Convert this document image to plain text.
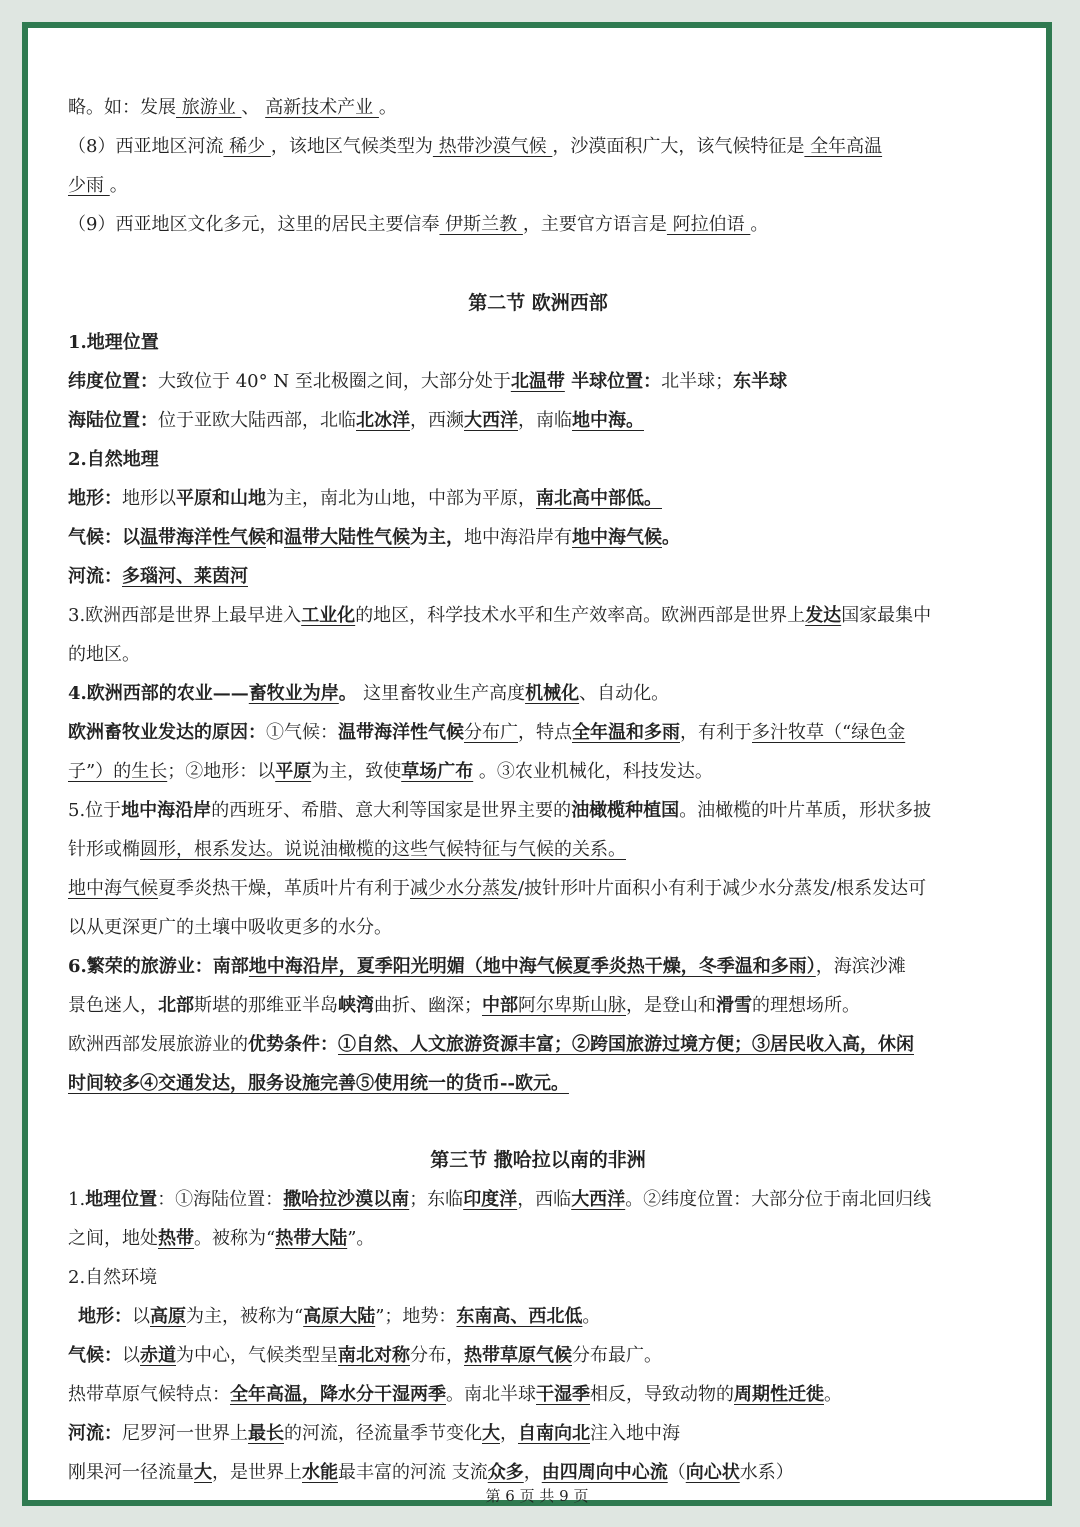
略。如：发展 旅游业 、 高新技术产业 。

（8）西亚地区河流 稀少 ，该地区气候类型为 热带沙漠气候 ，沙漠面积广大，该气候特征是 全年高温

少雨 。

（9）西亚地区文化多元，这里的居民主要信奉 伊斯兰教 ，主要官方语言是 阿拉伯语 。

第二节 欧洲西部

1.地理位置

纬度位置：大致位于 40° N 至北极圈之间，大部分处于北温带 半球位置：北半球；东半球

海陆位置：位于亚欧大陆西部，北临北冰洋，西濒大西洋，南临地中海。

2.自然地理

地形：地形以平原和山地为主，南北为山地，中部为平原，南北高中部低。

气候：以温带海洋性气候和温带大陆性气候为主，地中海沿岸有地中海气候。

河流：多瑙河、莱茵河

3.欧洲西部是世界上最早进入工业化的地区，科学技术水平和生产效率高。欧洲西部是世界上发达国家最集中

的地区。

4.欧洲西部的农业——畜牧业为岸。 这里畜牧业生产高度机械化、自动化。

欧洲畜牧业发达的原因：①气候：温带海洋性气候分布广，特点全年温和多雨，有利于多汁牧草（“绿色金

子”）的生长；②地形：以平原为主，致使草场广布 。③农业机械化，科技发达。

5.位于地中海沿岸的西班牙、希腊、意大利等国家是世界主要的油橄榄种植国。油橄榄的叶片革质，形状多披

针形或椭圆形，根系发达。说说油橄榄的这些气候特征与气候的关系。

地中海气候夏季炎热干燥，革质叶片有利于减少水分蒸发/披针形叶片面积小有利于减少水分蒸发/根系发达可

以从更深更广的土壤中吸收更多的水分。

6.繁荣的旅游业：南部地中海沿岸，夏季阳光明媚（地中海气候夏季炎热干燥，冬季温和多雨），海滨沙滩

景色迷人，北部斯堪的那维亚半岛峡湾曲折、幽深；中部阿尔卑斯山脉，是登山和滑雪的理想场所。

欧洲西部发展旅游业的优势条件：①自然、人文旅游资源丰富；②跨国旅游过境方便；③居民收入高，休闲

时间较多④交通发达，服务设施完善⑤使用统一的货币--欧元。

第三节 撒哈拉以南的非洲

1.地理位置：①海陆位置：撒哈拉沙漠以南；东临印度洋，西临大西洋。②纬度位置：大部分位于南北回归线

之间，地处热带。被称为“热带大陆”。

2.自然环境

地形：以高原为主，被称为“高原大陆”；地势：东南高、西北低。

气候：以赤道为中心，气候类型呈南北对称分布，热带草原气候分布最广。

热带草原气候特点：全年高温，降水分干湿两季。南北半球干湿季相反，导致动物的周期性迁徙。

河流：尼罗河一世界上最长的河流，径流量季节变化大，自南向北注入地中海

刚果河一径流量大，是世界上水能最丰富的河流 支流众多，由四周向中心流（向心状水系）

第 6 页 共 9 页
